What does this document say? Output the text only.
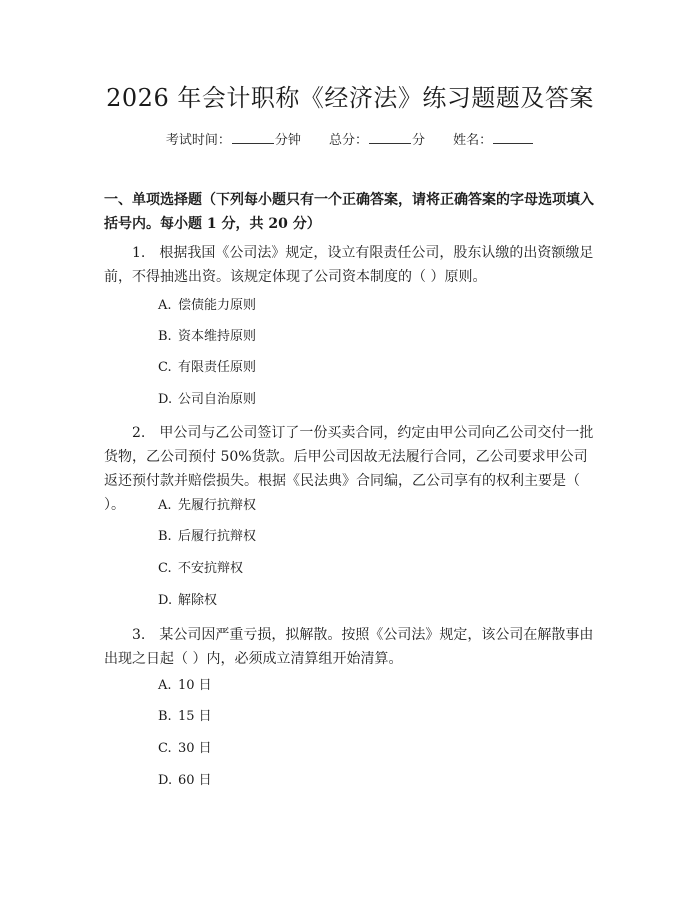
2026 年会计职称《经济法》练习题题及答案
考试时间：	分钟 总分：	分 姓名：
一、单项选择题（下列每小题只有一个正确答案，请将正确答案的字母选项填入括号内。每小题 1 分，共 20 分）
1.　根据我国《公司法》规定，设立有限责任公司，股东认缴的出资额缴足前，不得抽逃出资。该规定体现了公司资本制度的（ ）原则。
A. 偿债能力原则
B. 资本维持原则
C. 有限责任原则
D. 公司自治原则
2.　甲公司与乙公司签订了一份买卖合同，约定由甲公司向乙公司交付一批货物，乙公司预付 50%货款。后甲公司因故无法履行合同，乙公司要求甲公司返还预付款并赔偿损失。根据《民法典》合同编，乙公司享有的权利主要是（ ）。	A. 先履行抗辩权
B. 后履行抗辩权
C. 不安抗辩权
D. 解除权
3.　某公司因严重亏损，拟解散。按照《公司法》规定，该公司在解散事由出现之日起（ ）内，必须成立清算组开始清算。
A. 10 日
B. 15 日
C. 30 日
D. 60 日
